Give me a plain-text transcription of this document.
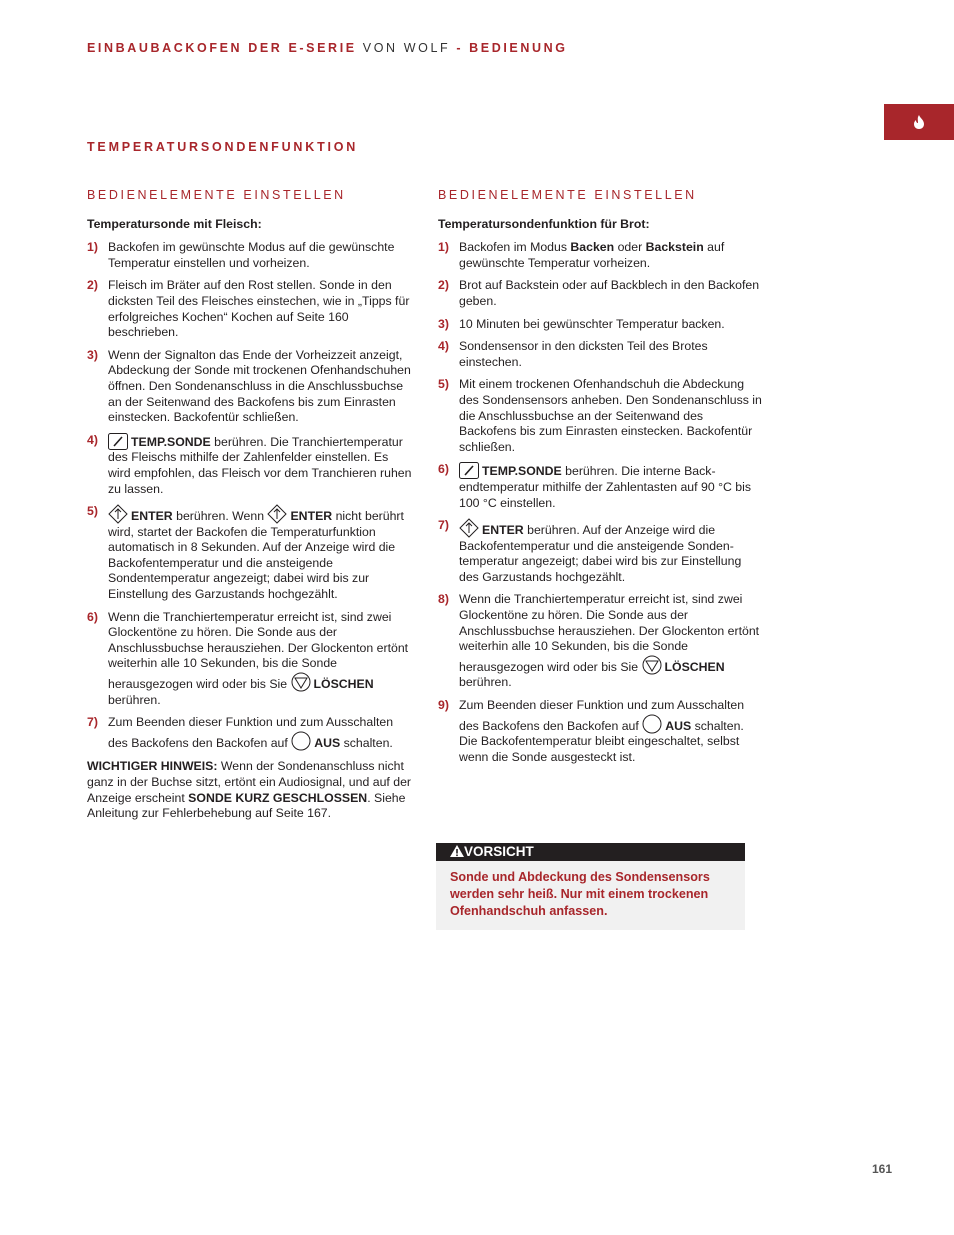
EINBAUBACKOFEN DER E-SERIE VON WOLF - BEDIENUNG
TEMPERATURSONDENFUNKTION
BEDIENELEMENTE EINSTELLEN
Temperatursonde mit Fleisch:
1) Backofen im gewünschte Modus auf die gewünschte Temperatur einstellen und vorheizen.
2) Fleisch im Bräter auf den Rost stellen. Sonde in den dicksten Teil des Fleisches einstechen, wie in „Tipps für erfolgreiches Kochen“ Kochen auf Seite 160 beschrieben.
3) Wenn der Signalton das Ende der Vorheizzeit anzeigt, Abdeckung der Sonde mit trockenen Ofenhandschuhen öffnen. Den Sondenanschluss in die Anschlussbuchse an der Seitenwand des Backofens bis zum Einrasten einstecken. Backofentür schließen.
4)	TEMP.SONDE berühren. Die Tranchiertemperatur des Fleischs mithilfe der Zahlenfelder einstellen. Es wird empfohlen, das Fleisch vor dem Tranchieren ruhen zu lassen.
5)	ENTER berühren. Wenn ENTER nicht berührt wird, startet der Backofen die Temperaturfunktion automatisch in 8 Sekunden. Auf der Anzeige wird die Backofentemperatur und die ansteigende Sondentemperatur angezeigt; dabei wird bis zur Einstellung des Garzustands hochgezählt.
6) Wenn die Tranchiertemperatur erreicht ist, sind zwei Glockentöne zu hören. Die Sonde aus der Anschlussbuchse herausziehen. Der Glockenton ertönt weiterhin alle 10 Sekunden, bis die Sonde herausgezogen wird oder bis Sie LÖSCHEN berühren.
7) Zum Beenden dieser Funktion und zum Ausschalten des Backofens den Backofen auf AUS schalten.
WICHTIGER HINWEIS: Wenn der Sondenanschluss nicht ganz in der Buchse sitzt, ertönt ein Audiosignal, und auf der Anzeige erscheint SONDE KURZ GESCHLOSSEN. Siehe Anleitung zur Fehlerbehebung auf Seite 167.
BEDIENELEMENTE EINSTELLEN
Temperatursondenfunktion für Brot:
1) Backofen im Modus Backen oder Backstein auf gewünschte Temperatur vorheizen.
2) Brot auf Backstein oder auf Backblech in den Backofen geben.
3) 10 Minuten bei gewünschter Temperatur backen.
4) Sondensensor in den dicksten Teil des Brotes einstechen.
5) Mit einem trockenen Ofenhandschuh die Abdeckung des Sondensensors anheben. Den Sondenanschluss in die Anschlussbuchse an der Seitenwand des Backofens bis zum Einrasten einstecken. Backofentür schließen.
6)	TEMP.SONDE berühren. Die interne Backendtemperatur mithilfe der Zahlentasten auf 90 °C bis 100 °C einstellen.
7)	ENTER berühren. Auf der Anzeige wird die Backofentemperatur und die ansteigende Sondentemperatur angezeigt; dabei wird bis zur Einstellung des Garzustands hochgezählt.
8) Wenn die Tranchiertemperatur erreicht ist, sind zwei Glockentöne zu hören. Die Sonde aus der Anschlussbuchse herausziehen. Der Glockenton ertönt weiterhin alle 10 Sekunden, bis die Sonde herausgezogen wird oder bis Sie LÖSCHEN berühren.
9) Zum Beenden dieser Funktion und zum Ausschalten des Backofens den Backofen auf AUS schalten. Die Backofentemperatur bleibt eingeschaltet, selbst wenn die Sonde ausgesteckt ist.
VORSICHT
Sonde und Abdeckung des Sondensensors werden sehr heiß. Nur mit einem trockenen Ofenhandschuh anfassen.
161
